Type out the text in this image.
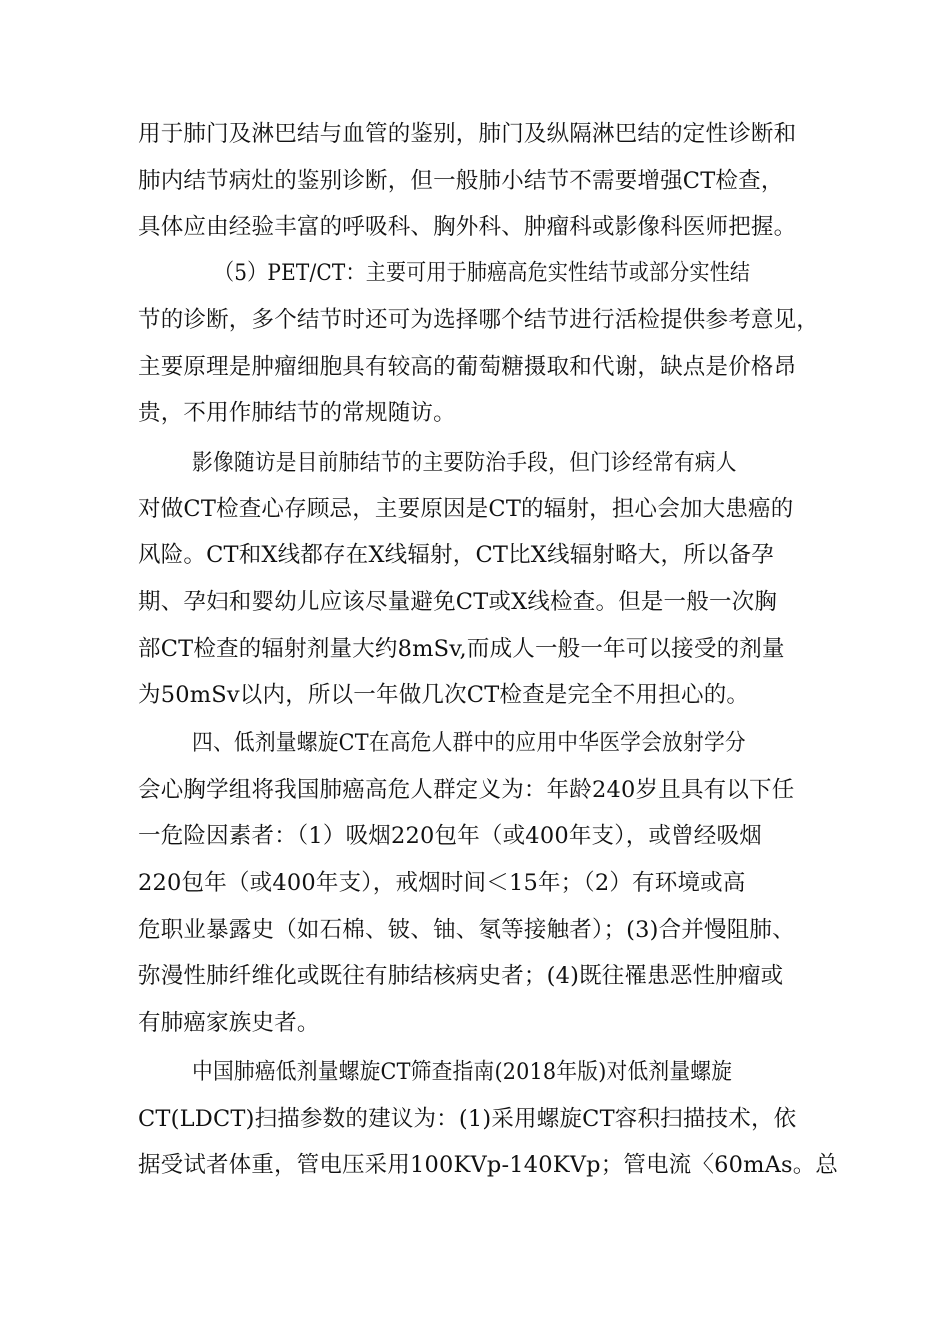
用于肺门及淋巴结与血管的鉴别，肺门及纵隔淋巴结的定性诊断和
肺内结节病灶的鉴别诊断，但一般肺小结节不需要增强CT检查，
具体应由经验丰富的呼吸科、胸外科、肿瘤科或影像科医师把握。
（5）PET/CT：主要可用于肺癌高危实性结节或部分实性结
节的诊断，多个结节时还可为选择哪个结节进行活检提供参考意见，
主要原理是肿瘤细胞具有较高的葡萄糖摄取和代谢，缺点是价格昂
贵，不用作肺结节的常规随访。
影像随访是目前肺结节的主要防治手段，但门诊经常有病人
对做CT检查心存顾忌，主要原因是CT的辐射，担心会加大患癌的
风险。CT和X线都存在X线辐射，CT比X线辐射略大，所以备孕
期、孕妇和婴幼儿应该尽量避免CT或X线检查。但是一般一次胸
部CT检查的辐射剂量大约8mSv,而成人一般一年可以接受的剂量
为50mSv以内，所以一年做几次CT检查是完全不用担心的。
四、低剂量螺旋CT在高危人群中的应用中华医学会放射学分
会心胸学组将我国肺癌高危人群定义为：年龄240岁且具有以下任
一危险因素者：（1）吸烟220包年（或400年支），或曾经吸烟
220包年（或400年支），戒烟时间＜15年；（2）有环境或高
危职业暴露史（如石棉、铍、铀、氡等接触者）；(3)合并慢阻肺、
弥漫性肺纤维化或既往有肺结核病史者；(4)既往罹患恶性肿瘤或
有肺癌家族史者。
中国肺癌低剂量螺旋CT筛查指南(2018年版)对低剂量螺旋
CT(LDCT)扫描参数的建议为：(1)采用螺旋CT容积扫描技术，依
据受试者体重，管电压采用100KVp-140KVp；管电流〈60mAs。总
